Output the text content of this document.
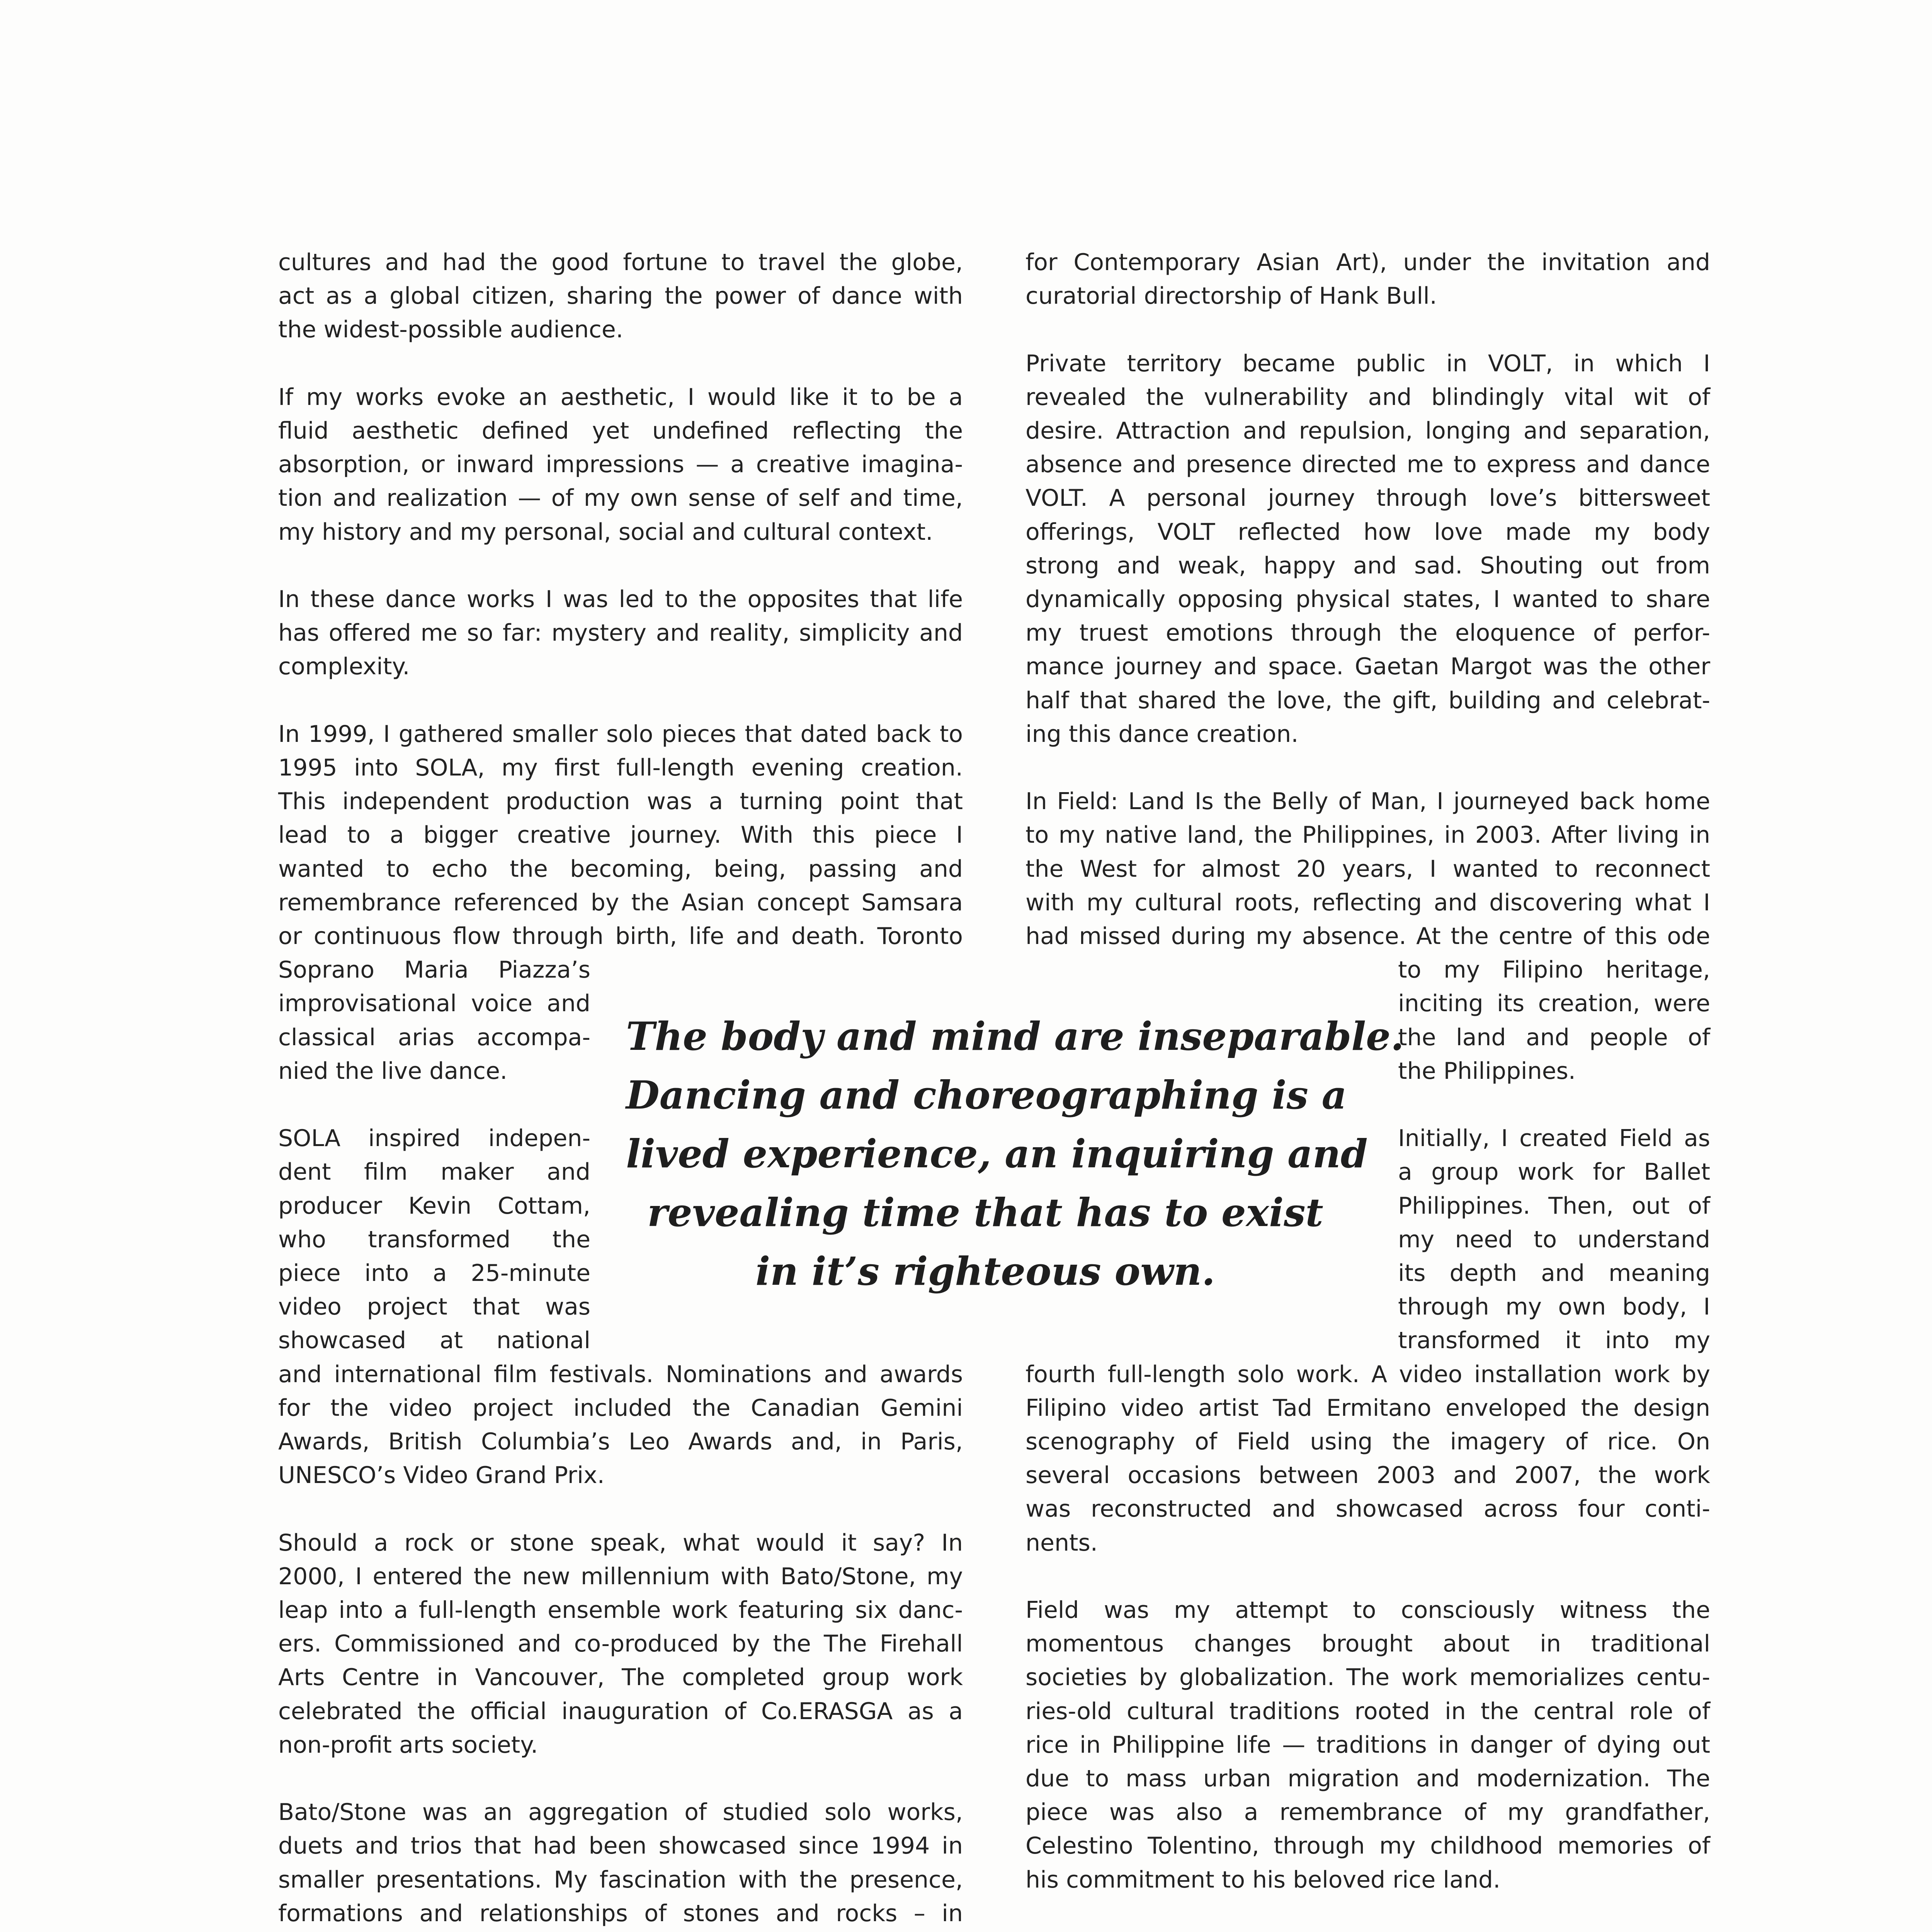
cultures and had the good fortune to travel the globe,
act as a global citizen, sharing the power of dance with
the widest-possible audience.
If my works evoke an aesthetic, I would like it to be a
fluid aesthetic defined yet undefined reflecting the
absorption, or inward impressions — a creative imagina-
tion and realization — of my own sense of self and time,
my history and my personal, social and cultural context.
In these dance works I was led to the opposites that life
has offered me so far: mystery and reality, simplicity and
complexity.
In 1999, I gathered smaller solo pieces that dated back to
1995 into SOLA, my first full-length evening creation.
This independent production was a turning point that
lead to a bigger creative journey. With this piece I
wanted to echo the becoming, being, passing and
remembrance referenced by the Asian concept Samsara
or continuous flow through birth, life and death. Toronto
Soprano Maria Piazza’s
improvisational voice and
classical arias accompa-
nied the live dance.
SOLA inspired indepen-
dent film maker and
producer Kevin Cottam,
who transformed the
piece into a 25-minute
video project that was
showcased at national
and international film festivals. Nominations and awards
for the video project included the Canadian Gemini
Awards, British Columbia’s Leo Awards and, in Paris,
UNESCO’s Video Grand Prix.
Should a rock or stone speak, what would it say? In
2000, I entered the new millennium with Bato/Stone, my
leap into a full-length ensemble work featuring six danc-
ers. Commissioned and co-produced by the The Firehall
Arts Centre in Vancouver, The completed group work
celebrated the official inauguration of Co.ERASGA as a
non-profit arts society.
Bato/Stone was an aggregation of studied solo works,
duets and trios that had been showcased since 1994 in
smaller presentations. My fascination with the presence,
formations and relationships of stones and rocks – in
for Contemporary Asian Art), under the invitation and
curatorial directorship of Hank Bull.
Private territory became public in VOLT, in which I
revealed the vulnerability and blindingly vital wit of
desire. Attraction and repulsion, longing and separation,
absence and presence directed me to express and dance
VOLT. A personal journey through love’s bittersweet
offerings, VOLT reflected how love made my body
strong and weak, happy and sad. Shouting out from
dynamically opposing physical states, I wanted to share
my truest emotions through the eloquence of perfor-
mance journey and space. Gaetan Margot was the other
half that shared the love, the gift, building and celebrat-
ing this dance creation.
In Field: Land Is the Belly of Man, I journeyed back home
to my native land, the Philippines, in 2003. After living in
the West for almost 20 years, I wanted to reconnect
with my cultural roots, reflecting and discovering what I
had missed during my absence. At the centre of this ode
to my Filipino heritage,
inciting its creation, were
the land and people of
the Philippines.
Initially, I created Field as
a group work for Ballet
Philippines. Then, out of
my need to understand
its depth and meaning
through my own body, I
transformed it into my
fourth full-length solo work. A video installation work by
Filipino video artist Tad Ermitano enveloped the design
scenography of Field using the imagery of rice. On
several occasions between 2003 and 2007, the work
was reconstructed and showcased across four conti-
nents.
Field was my attempt to consciously witness the
momentous changes brought about in traditional
societies by globalization. The work memorializes centu-
ries-old cultural traditions rooted in the central role of
rice in Philippine life — traditions in danger of dying out
due to mass urban migration and modernization. The
piece was also a remembrance of my grandfather,
Celestino Tolentino, through my childhood memories of
his commitment to his beloved rice land.
The body and mind are inseparable.
Dancing and choreographing is a
lived experience, an inquiring and
revealing time that has to exist
in it’s righteous own.
